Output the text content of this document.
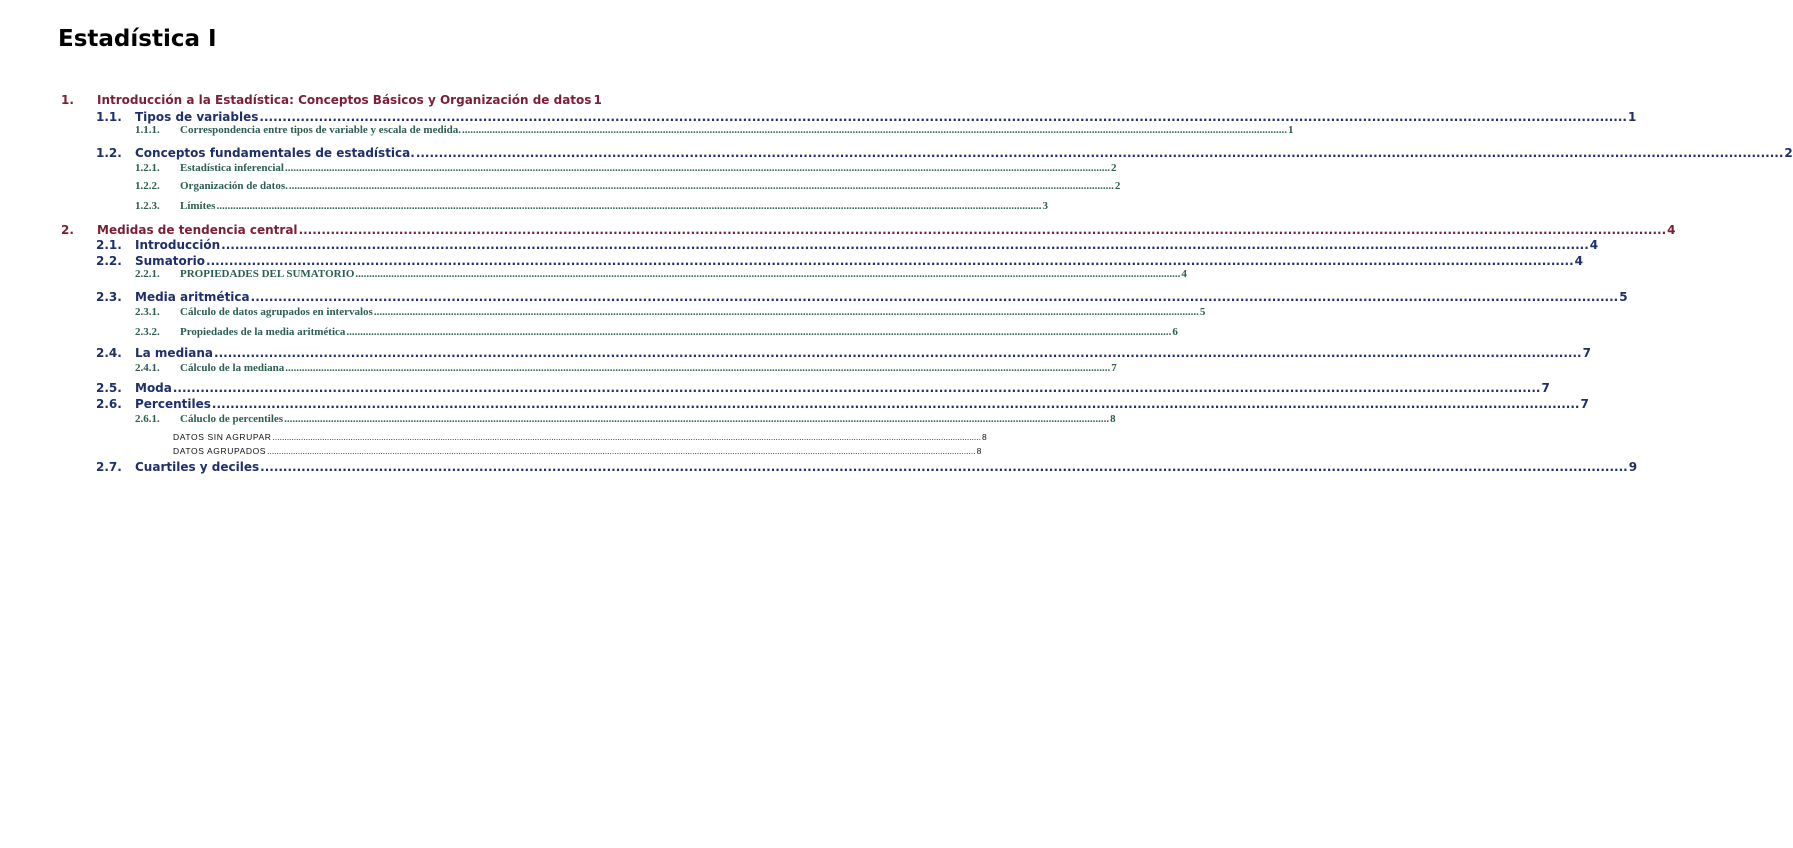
Estadística I
1. Introducción a la Estadística: Conceptos Básicos y Organización de datos 1
1.1. Tipos de variables ............................................................................................................................................................................................................................................................................................................ 1
1.1.1. Correspondencia entre tipos de variable y escala de medida. ............................................................................................................................................................................................................................................................................................................ 1
1.2. Conceptos fundamentales de estadística. ............................................................................................................................................................................................................................................................................................................ 2
1.2.1. Estadística inferencial ............................................................................................................................................................................................................................................................................................................ 2
1.2.2. Organización de datos. ............................................................................................................................................................................................................................................................................................................ 2
1.2.3. Límites ............................................................................................................................................................................................................................................................................................................ 3
2. Medidas de tendencia central ............................................................................................................................................................................................................................................................................................................ 4
2.1. Introducción ............................................................................................................................................................................................................................................................................................................ 4
2.2. Sumatorio ............................................................................................................................................................................................................................................................................................................ 4
2.2.1. PROPIEDADES DEL SUMATORIO ............................................................................................................................................................................................................................................................................................................ 4
2.3. Media aritmética ............................................................................................................................................................................................................................................................................................................ 5
2.3.1. Cálculo de datos agrupados en intervalos ............................................................................................................................................................................................................................................................................................................ 5
2.3.2. Propiedades de la media aritmética ............................................................................................................................................................................................................................................................................................................ 6
2.4. La mediana ............................................................................................................................................................................................................................................................................................................ 7
2.4.1. Cálculo de la mediana ............................................................................................................................................................................................................................................................................................................ 7
2.5. Moda ............................................................................................................................................................................................................................................................................................................ 7
2.6. Percentiles ............................................................................................................................................................................................................................................................................................................ 7
2.6.1. Cáluclo de percentiles ............................................................................................................................................................................................................................................................................................................ 8
DATOS SIN AGRUPAR ............................................................................................................................................................................................................................................................................................................ 8
DATOS AGRUPADOS ............................................................................................................................................................................................................................................................................................................ 8
2.7. Cuartiles y deciles ............................................................................................................................................................................................................................................................................................................ 9
